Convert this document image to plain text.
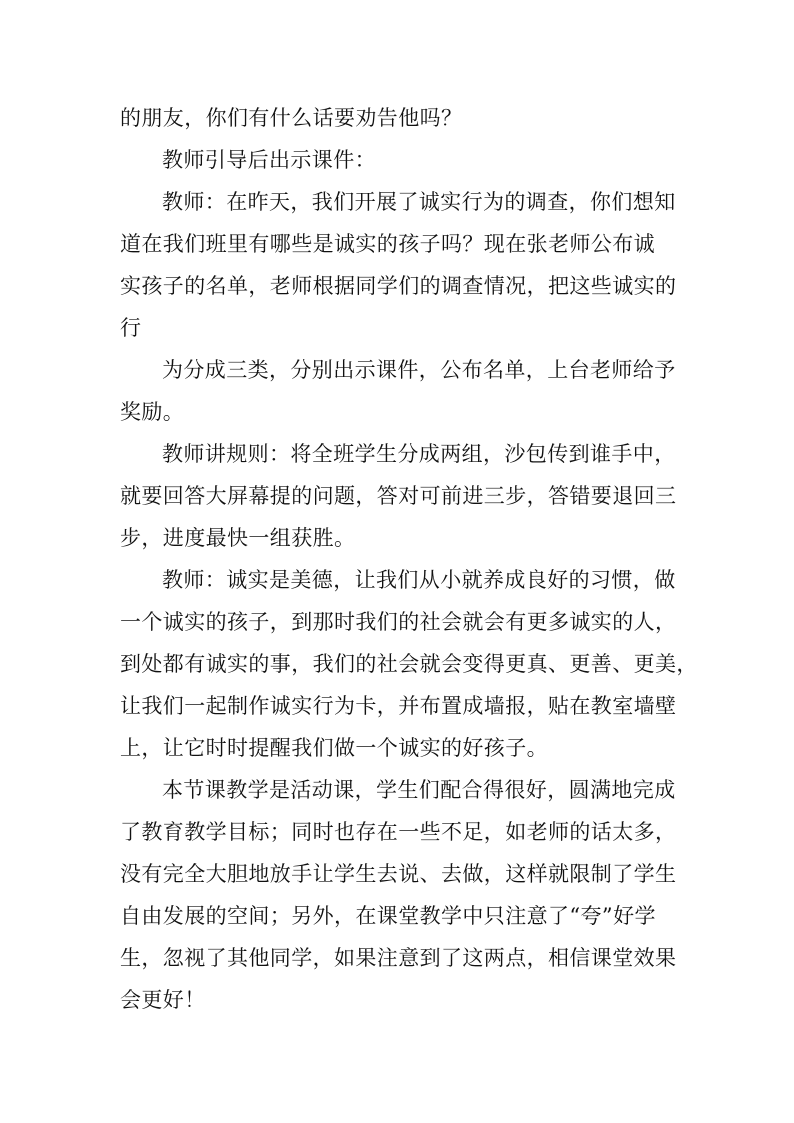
的朋友，你们有什么话要劝告他吗？
教师引导后出示课件：
教师：在昨天，我们开展了诚实行为的调查，你们想知
道在我们班里有哪些是诚实的孩子吗？现在张老师公布诚
实孩子的名单，老师根据同学们的调查情况，把这些诚实的
行
为分成三类，分别出示课件，公布名单，上台老师给予
奖励。
教师讲规则：将全班学生分成两组，沙包传到谁手中，
就要回答大屏幕提的问题，答对可前进三步，答错要退回三
步，进度最快一组获胜。
教师：诚实是美德，让我们从小就养成良好的习惯，做
一个诚实的孩子，到那时我们的社会就会有更多诚实的人，
到处都有诚实的事，我们的社会就会变得更真、更善、更美，
让我们一起制作诚实行为卡，并布置成墙报，贴在教室墙壁
上，让它时时提醒我们做一个诚实的好孩子。
本节课教学是活动课，学生们配合得很好，圆满地完成
了教育教学目标；同时也存在一些不足，如老师的话太多，
没有完全大胆地放手让学生去说、去做，这样就限制了学生
自由发展的空间；另外，在课堂教学中只注意了“夸”好学
生，忽视了其他同学，如果注意到了这两点，相信课堂效果
会更好！
